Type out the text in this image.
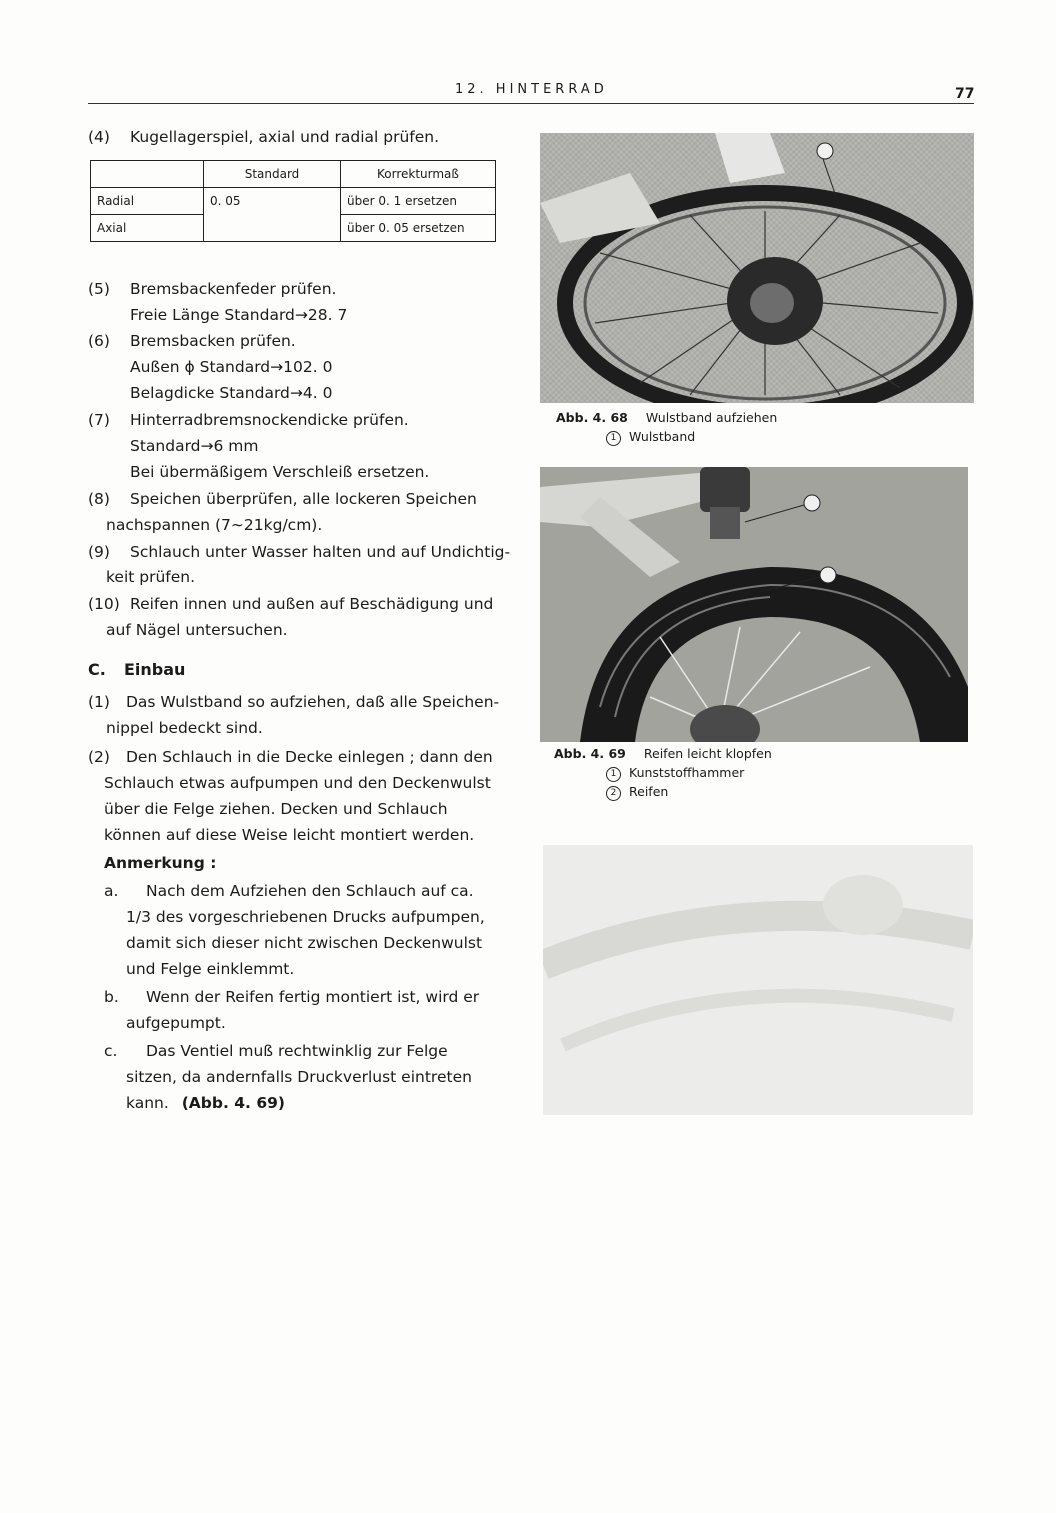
12. HINTERRAD	77
(4) Kugellagerspiel, axial und radial prüfen.
	Standard	Korrekturmaß
Radial	0. 05	über 0. 1 ersetzen
Axial		über 0. 05 ersetzen
(5) Bremsbackenfeder prüfen.
Freie Länge Standard→28. 7
(6) Bremsbacken prüfen.
Außen ϕ Standard→102. 0
Belagdicke Standard→4. 0
(7) Hinterradbremsnockendicke prüfen.
Standard→6 mm
Bei übermäßigem Verschleiß ersetzen.
(8) Speichen überprüfen, alle lockeren Speichen
nachspannen (7∼21kg/cm).
(9) Schlauch unter Wasser halten und auf Undichtig-
keit prüfen.
(10) Reifen innen und außen auf Beschädigung und
auf Nägel untersuchen.
C. Einbau
(1) Das Wulstband so aufziehen, daß alle Speichen-
nippel bedeckt sind.
(2) Den Schlauch in die Decke einlegen ; dann den
Schlauch etwas aufpumpen und den Deckenwulst
über die Felge ziehen. Decken und Schlauch
können auf diese Weise leicht montiert werden.
Anmerkung :
a. Nach dem Aufziehen den Schlauch auf ca.
1/3 des vorgeschriebenen Drucks aufpumpen,
damit sich dieser nicht zwischen Deckenwulst
und Felge einklemmt.
b. Wenn der Reifen fertig montiert ist, wird er
aufgepumpt.
c. Das Ventiel muß rechtwinklig zur Felge
sitzen, da andernfalls Druckverlust eintreten
kann. (Abb. 4. 69)
Abb. 4. 68 Wulstband aufziehen
1 Wulstband
Abb. 4. 69 Reifen leicht klopfen
1 Kunststoffhammer
2 Reifen
